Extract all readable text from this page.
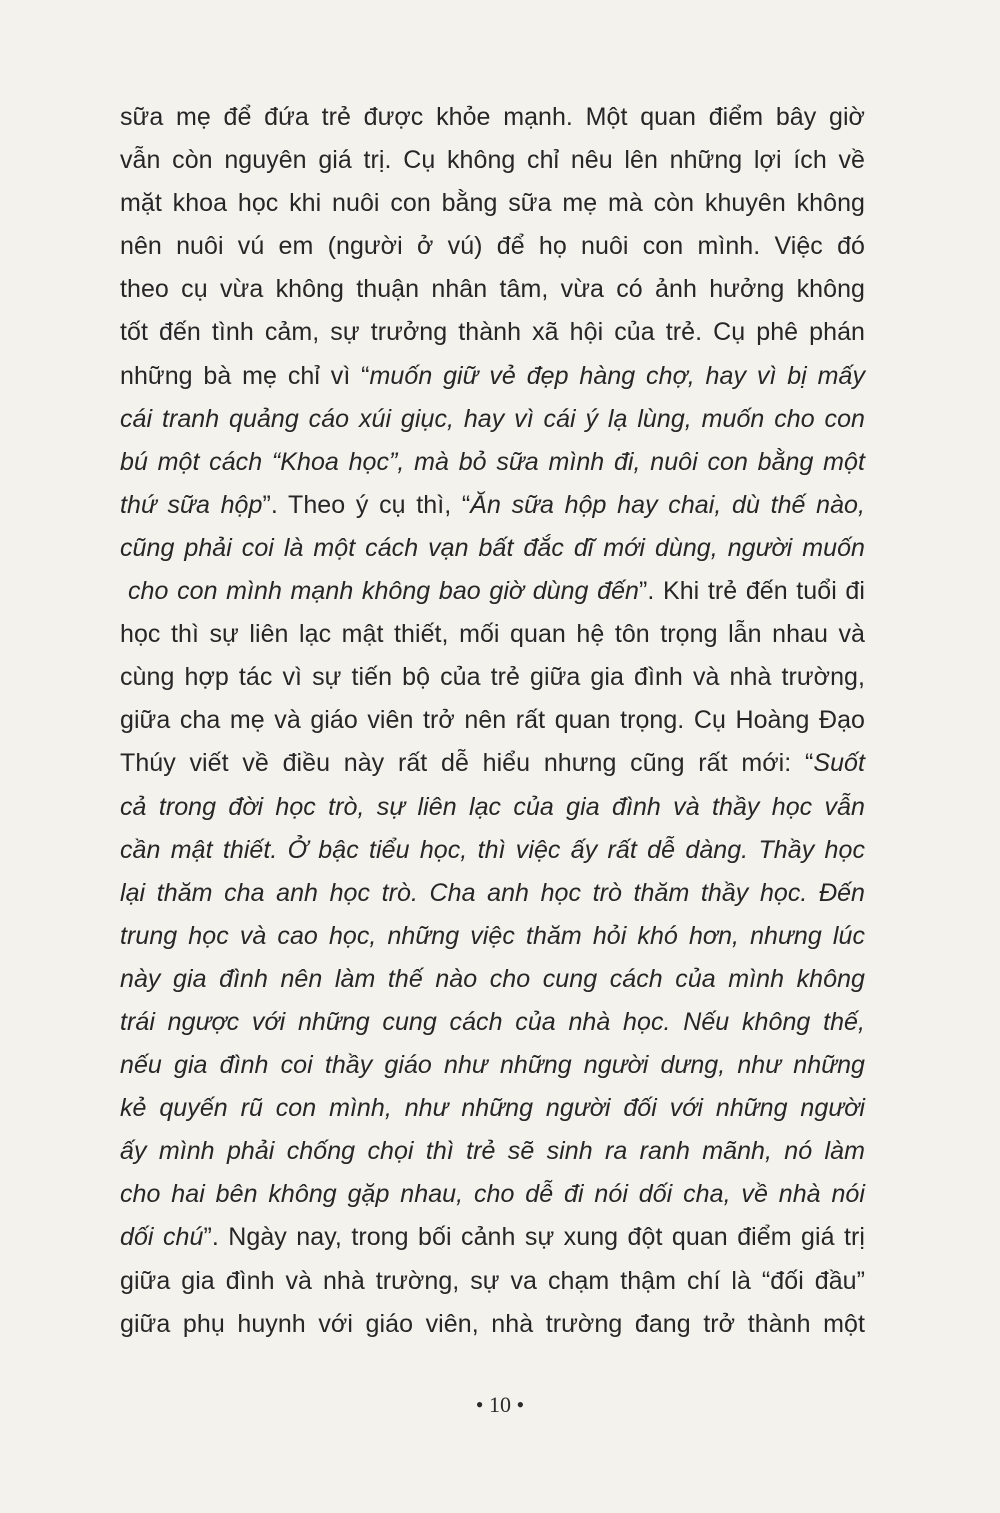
sữa mẹ để đứa trẻ được khỏe mạnh. Một quan điểm bây giờ
vẫn còn nguyên giá trị. Cụ không chỉ nêu lên những lợi ích về
mặt khoa học khi nuôi con bằng sữa mẹ mà còn khuyên không
nên nuôi vú em (người ở vú) để họ nuôi con mình. Việc đó
theo cụ vừa không thuận nhân tâm, vừa có ảnh hưởng không
tốt đến tình cảm, sự trưởng thành xã hội của trẻ. Cụ phê phán
những bà mẹ chỉ vì “muốn giữ vẻ đẹp hàng chợ, hay vì bị mấy
cái tranh quảng cáo xúi giục, hay vì cái ý lạ lùng, muốn cho con
bú một cách “Khoa học”, mà bỏ sữa mình đi, nuôi con bằng một
thứ sữa hộp”. Theo ý cụ thì, “Ăn sữa hộp hay chai, dù thế nào,
cũng phải coi là một cách vạn bất đắc dĩ mới dùng, người muốn
cho con mình mạnh không bao giờ dùng đến”. Khi trẻ đến tuổi đi
học thì sự liên lạc mật thiết, mối quan hệ tôn trọng lẫn nhau và
cùng hợp tác vì sự tiến bộ của trẻ giữa gia đình và nhà trường,
giữa cha mẹ và giáo viên trở nên rất quan trọng. Cụ Hoàng Đạo
Thúy viết về điều này rất dễ hiểu nhưng cũng rất mới: “Suốt
cả trong đời học trò, sự liên lạc của gia đình và thầy học vẫn
cần mật thiết. Ở bậc tiểu học, thì việc ấy rất dễ dàng. Thầy học
lại thăm cha anh học trò. Cha anh học trò thăm thầy học. Đến
trung học và cao học, những việc thăm hỏi khó hơn, nhưng lúc
này gia đình nên làm thế nào cho cung cách của mình không
trái ngược với những cung cách của nhà học. Nếu không thế,
nếu gia đình coi thầy giáo như những người dưng, như những
kẻ quyến rũ con mình, như những người đối với những người
ấy mình phải chống chọi thì trẻ sẽ sinh ra ranh mãnh, nó làm
cho hai bên không gặp nhau, cho dễ đi nói dối cha, về nhà nói
dối chú”. Ngày nay, trong bối cảnh sự xung đột quan điểm giá trị
giữa gia đình và nhà trường, sự va chạm thậm chí là “đối đầu”
giữa phụ huynh với giáo viên, nhà trường đang trở thành một
• 10 •
